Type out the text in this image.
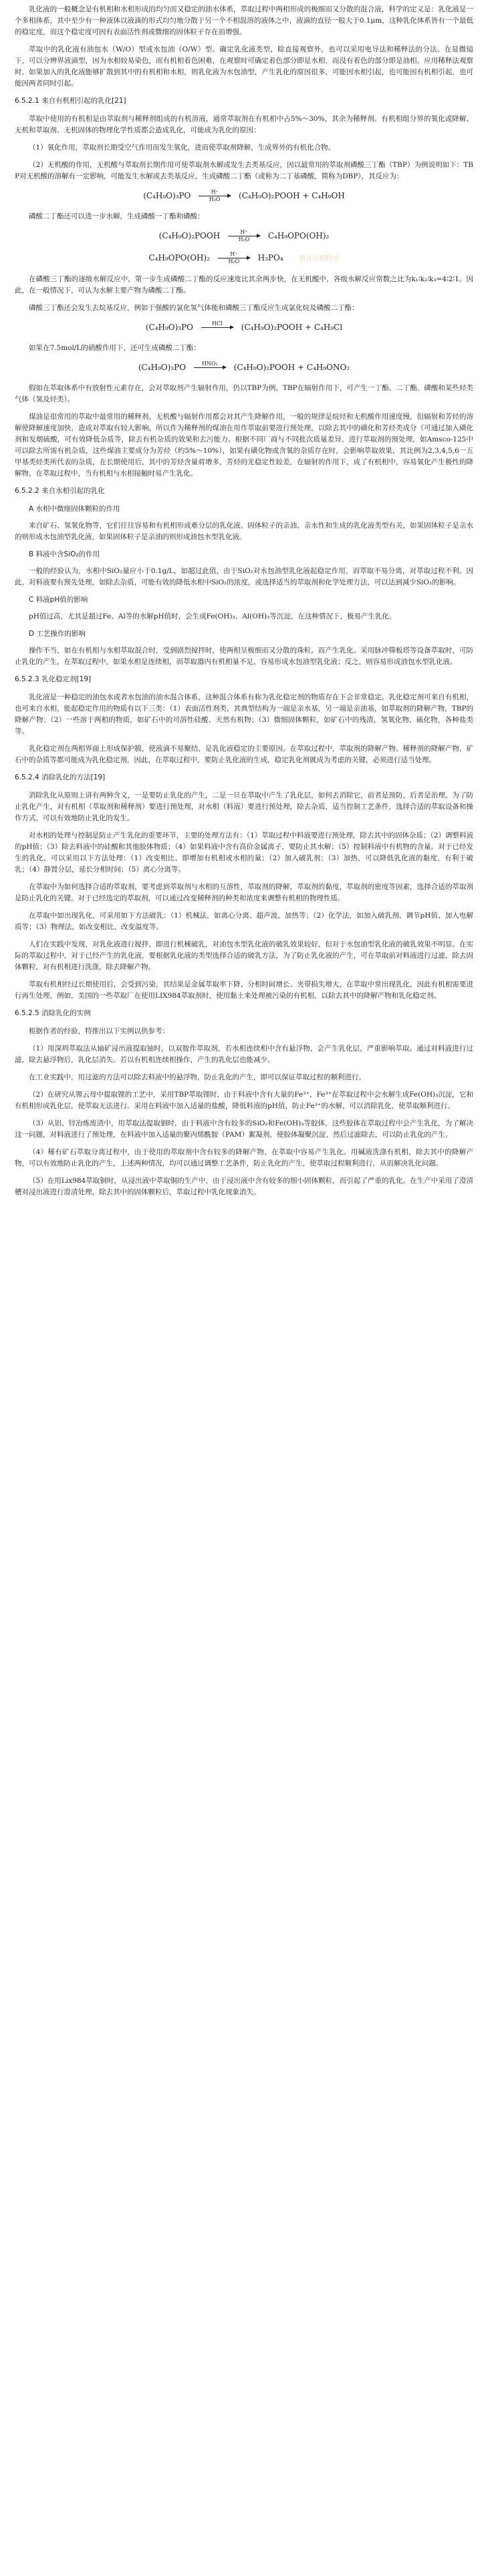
乳化液的一般概念是有机相和水相形成的均匀而又稳定的油水体系，萃取过程中两相形成的极细而又分散的混合液，科学的定义是：乳化液是一个多相体系，其中至少有一种液体以液滴的形式均匀地分散于另一个不相混溶的液体之中，液滴的直径一般大于0.1μm，这种乳化体系皆有一个最低的稳定度，而这个稳定度可因有表面活性剂或微细的固体粒子存在而增强。

萃取中的乳化液有油包水（W/O）型或水包油（O/W）型。确定乳化液类型，除直接观察外，也可以采用电导法和稀释法的分法。在显微镜下，可以分辨界液滴型，因为水相较易染色，而有机相着色困难，在观察时可确定着色部分即是水相，而没有着色的部分即是油相。应用稀释法观察时，如果加入的乳化液能够扩散到其中的有机相和水相，则乳化液为水包油型，产生乳化的原因很多，可能因水相引起，也可能因有机相引起，也可能因两者同时引起。

6.5.2.1 来自有机相引起的乳化[21]

萃取中使用的有机相是由萃取剂与稀释剂组成的有机溶液，通常萃取剂在有机相中占5%～30%，其余为稀释剂。有机相组分界的氧化或降解、无机和萃取剂、无机固体的物理化学性质都会造成乳化，可能成为乳化的原因：

（1）氧化作用，萃取剂长期受空气作用而发生氧化，进而使萃取剂降解，生成界外的有机化合物。

（2）无机酸的作用，无机酸与萃取剂长期作用可使萃取剂水解或发生去类基反应，因以最常用的萃取剂磷酸三丁酯（TBP）为例说明如下：TBP对无机酸的溶解有一定影响，可能发生水解或去类基反应，生成磷酸二丁酯（或称为二丁基磷酸，简称为DBP），其反应为：

$(C_4H_9O)_3PO \frac{H^+}{\text{H₂O}}$ (C₄H₉O)₂POOH + C₄H₉OH

磷酸二丁酯还可以进一步水解，生成磷酸一丁酯和磷酸：

(C₄H₉O)₂POOH $\frac{H^+}{\text{H₂O}} C_4H_9OPO(OH)_2$
$C_4H_9OPO(OH)_2 \frac{H^+}{\text{H₂O}} H_3PO_4$ 留在在泡特点

在磷酸三丁酯的逐级水解反应中，第一步生成磷酸二丁酯的反应速度比其余两步快，在无机酸中，各级水解反应常数之比为k₁∶k₂∶k₃=4∶2∶1。因此，在一般情况下，可认为水解主要产物为磷酸二丁酯。

磷酸三丁酯还会发生去烷基反应，例如于强酸的氯化氢气体能和磷酸三丁酯反应生成氯化烷及磷酸二丁酯：

(C₄H₉O)₃PO	HCl
	(C₄H₉O)₂POOH + C₄H₉Cl

如果在7.5mol/L的硝酸作用下，还可生成磷酸二丁酯：

(C₄H₉O)₃PO	HNO₃
	(C₄H₉O)₂POOH + C₄H₉ONO₂

假如在萃取体系中有放射性元素存在，会对萃取剂产生辐射作用，仍以TBP为例，TBP在辐射作用下，可产生一丁酯、二丁酯、磷酸和某些烃类气体（氢及烃类）。

煤油是很常用的萃取中最常用的稀释剂，无机酸与辐射作用都会对其产生降解作用，一般的规律是烷烃和无机酸作用速度慢，但辐射和芳烃的溶解使降解速度加快，造成对萃取有较大影响，所以作为稀释剂的煤油在用作萃取前要进行预处理，以除去其中的磺化和芳烃类成分（可通过加入磺化剂和发烟硫酸，可有效降低杂质等，除去有机杂质的效果和去污能力。根据不同厂商与不同批次质量差异，进行萃取剂的预处理，如Amsco-125中可以除去所需有机杂质，这些煤油主要成分为芳烃（约5%～10%），如果有磺化物或含氧的杂质存在时，会影响萃取效果，其比例为2,3,4,5,6一五甲基类烃类所代表的杂质，在长期使用后，其中的芳烃含量将增多，芳烃的光稳定性较差，在辐射的作用下，成了有机相中，容易氧化产生极性的降解物，在萃取过程中，当有机相与水相接触时易产生乳化。

6.5.2.2 来自水相引起的乳化
A 水相中微细固体颗粒的作用

来自矿石、氢氧化物等，它们往往容易和有机相形成难分层的乳化液。固体粒子的亲油、亲水性和生成的乳化液类型有关，如果固体粒子是亲水的则形成水包油型乳化液，如果固体粒子是亲油的则形成油包水型乳化液。

B 料液中含SiO₂的作用

一般的经验认为，水相中SiO₂量应小于0.1g/L，如超过此值，由于SiO₂对水包油型乳化液起稳定作用，而萃取不易分离，对萃取过程不利。因此，对料液要有预先处理，如除去杂质，可能有效的降低水相中SiO₂的浓度，或选择适当的萃取剂和化学处理方法，可以达到减少SiO₂的影响。

C 料液pH值的影响

pH值过高，尤其是超过Fe、Al等的水解pH值时，会生成Fe(OH)₃、Al(OH)₃等沉淀，在这种情况下，极易产生乳化。

D 工艺操作的影响

操作不当，如在有机相与水相萃取混合时，受到剧烈搅拌时，使两相呈极细而又分散的珠粒。而产生乳化。采用脉冲筛板塔等设备萃取时，可防止乳化的产生，在萃取过程中，如果水相是连续相，而萃取器内有机相量不足，容易形成水包油型乳化液；反之，则容易形成油包水型乳化液。

6.5.2.3 乳化稳定剂[19]

乳化液是一种稳定的油包水或者水包油的油水混合体系，这种混合体系有称为乳化稳定剂的物质存在下会非常稳定。乳化稳定剂可来自有机相，也可来自水相，能起稳定作用的物质有以下三类：（1）表面活性剂类，其典型结构为一端是亲水基，另一端是亲油基，如萃取剂的降解产物，TBP的降解产物；（2）一些溶于两相的物质，如矿石中的可溶性硅酸、天然有机物；（3）微细固体颗粒，如矿石中的残渣，氢氧化物，硫化物，各种盐类等。

乳化稳定剂在两相界面上形成保护膜，使液滴不易聚结，是乳化液稳定的主要原因。在萃取过程中，萃取剂的降解产物、稀释剂的降解产物，矿石中的杂质等都可能成为乳化稳定剂，因此，在萃取过程中，要防止乳化液的生成，稳定乳化剂就成为考虑的关键，必须进行适当处理。

6.5.2.4 消除乳化的方法[19]

消除乳化从原则上讲有两种含义，一是要防止乳化的产生，二是一旦在萃取中产生了乳化层，如何去消除它，前者是预防，后者是治理。为了防止乳化产生，对有机相（萃取剂和稀释剂）要进行预处理，对水相（料液）要进行预处理，除去杂质，适当控制工艺条件，选择合适的萃取设备和操作方式，可以有效地防止乳化的发生。

对水相的处理与控制是防止产生乳化的重要环节，主要的处理方法有：（1）萃取过程中料液要进行预处理，除去其中的固体杂质；（2）调整料液的pH值；（3）除去料液中的硅酸和其他胶体物质；（4）如果料液中含有高价金属离子，要防止其水解；（5）控制料液中有机物的含量。对于已经发生的乳化，可以采用以下方法处理：（1）改变相比，即增加有机相或水相的量；（2）加入破乳剂；（3）加热，可以降低乳化液的黏度，有利于破乳；（4）静置分层，延长分相时间；（5）离心分离等。

在萃取中为如何选择合适的萃取剂，要考虑到萃取剂与水相的互溶性，萃取剂的降解，萃取剂的黏度，萃取剂的密度等因素，选择合适的萃取剂是防止乳化的关键。对于已经选定的萃取剂，可以通过改变稀释剂的种类和浓度来调整有机相的物理性质。

在萃取中如出现乳化，可采用如下方法破乳：（1）机械法，如离心分离、超声波、加热等；（2）化学法，如加入破乳剂、调节pH值、加入电解质等；（3）物理法，如改变相比、改变温度等。

人们在实践中发现，对乳化液进行搅拌，即进行机械破乳，对油包水型乳化液的破乳效果较好，但对于水包油型乳化液的破乳效果不明显。在实际的萃取过程中，对于已经产生的乳化液，要根据乳化液的类型选择合适的破乳方法，为了防止乳化液的产生，可在萃取前对料液进行过滤，除去固体颗粒，对有机相进行洗涤，除去降解产物。

萃取有机相经过长期使用后，会受到污染，其结果是金属萃取率下降、分相时间增长、夹带损失增大，在萃取中常出现乳化，因此有机相需要进行再生处理，例如，美国的一些萃取厂在使用LIX984萃取剂时，使用黏土来处理被污染的有机相，以除去其中的降解产物和乳化稳定剂。

6.5.2.5 消除乳化的实例

根据作者的经验，特推出以下实例以供参考：

（1）用深圳萃取法从轴矿浸出液提取铀时，以双胺作萃取剂，若水相连续相中含有悬浮物，会产生乳化层，严重影响萃取。通过对料液进行过滤，除去悬浮物后，乳化层消失。若以有机相连续相操作，产生的乳化层也能减少。

在工业实践中，用过滤的方法可以除去料液中的悬浮物，防止乳化的产生，即可以保证萃取过程的顺利进行。

（2）在研究从锂云母中提取锂的工艺中，采用TBP萃取锂时，由于料液中含有大量的Fe³⁺，Fe³⁺在萃取过程中会水解生成Fe(OH)₃沉淀，它和有机相形成乳化层，使萃取无法进行。采用在料液中加入适量的盐酸，降低料液的pH值，防止Fe³⁺的水解，可以消除乳化，使萃取顺利进行。

（3）从铝、锌冶炼废渣中，用萃取法提取铟时，由于料液中含有较多的SiO₂和Fe(OH)₃等胶体，这些胶体在萃取过程中会产生乳化，为了解决这一问题，对料液进行了预处理，在料液中加入适量的聚丙烯酰胺（PAM）絮凝剂，使胶体凝聚沉淀，然后过滤除去，可以防止乳化的产生。

（4）稀有矿石萃取分离过程中，由于使用的萃取剂中含有较多的降解产物，在萃取中容易产生乳化。用碱液洗涤有机相，除去其中的降解产物，可以有效地防止乳化的产生，上述两种情况，均可以通过调整工艺条件，防止乳化的产生，使萃取过程顺利进行，从而解决乳化问题。

（5）在用Lix984萃取铜时，从浸出液中萃取铜的生产中，由于浸出液中含有较多的细小固体颗粒，而引起了严重的乳化。在生产中采用了澄清槽对浸出液进行澄清处理，除去其中的固体颗粒后，萃取过程中乳化现象消失。
